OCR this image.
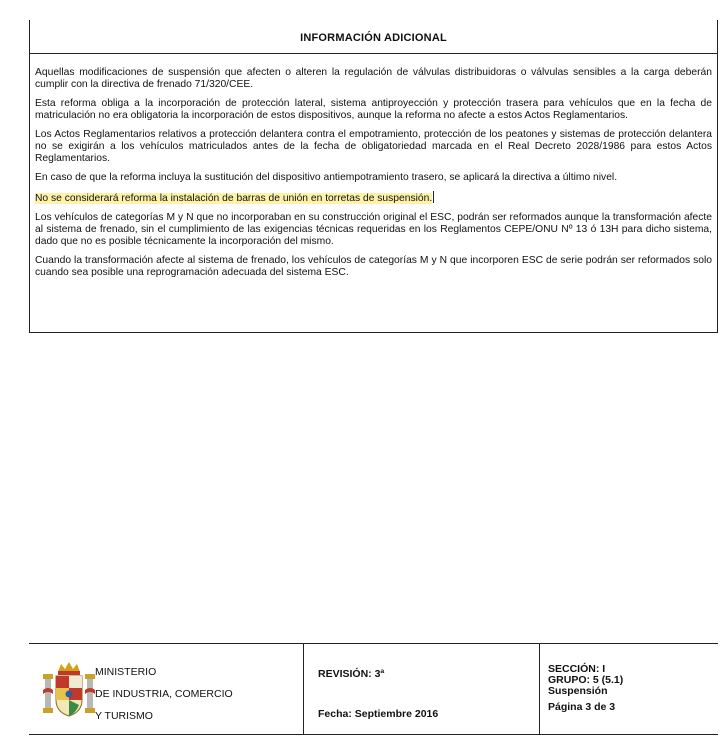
INFORMACIÓN ADICIONAL

Aquellas modificaciones de suspensión que afecten o alteren la regulación de válvulas distribuidoras o válvulas sensibles a la carga deberán cumplir con la directiva de frenado 71/320/CEE.

Esta reforma obliga a la incorporación de protección lateral, sistema antiproyección y protección trasera para vehículos que en la fecha de matriculación no era obligatoria la incorporación de estos dispositivos, aunque la reforma no afecte a estos Actos Reglamentarios.

Los Actos Reglamentarios relativos a protección delantera contra el empotramiento, protección de los peatones y sistemas de protección delantera no se exigirán a los vehículos matriculados antes de la fecha de obligatoriedad marcada en el Real Decreto 2028/1986 para estos Actos Reglamentarios.

En caso de que la reforma incluya la sustitución del dispositivo antiempotramiento trasero, se aplicará la directiva a último nivel.

No se considerará reforma la instalación de barras de unión en torretas de suspensión.

Los vehículos de categorías M y N que no incorporaban en su construcción original el ESC, podrán ser reformados aunque la transformación afecte al sistema de frenado, sin el cumplimiento de las exigencias técnicas requeridas en los Reglamentos CEPE/ONU Nº 13 ó 13H para dicho sistema, dado que no es posible técnicamente la incorporación del mismo.

Cuando la transformación afecte al sistema de frenado, los vehículos de categorías M y N que incorporen ESC de serie podrán ser reformados solo cuando sea posible una reprogramación adecuada del sistema ESC.

MINISTERIO
DE INDUSTRIA, COMERCIO
Y TURISMO
REVISIÓN: 3ª
Fecha: Septiembre 2016
SECCIÓN: I
GRUPO: 5 (5.1)
Suspensión
Página 3 de 3
